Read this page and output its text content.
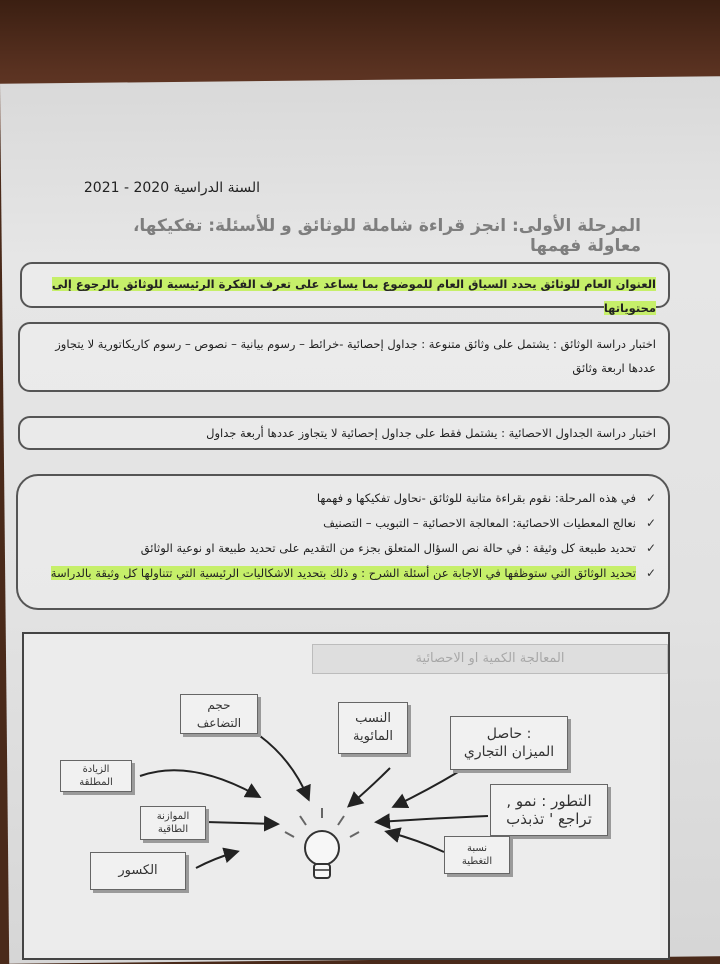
السنة الدراسية 2020 - 2021
المرحلة الأولى: انجز قراءة شاملة للوثائق و للأسئلة: تفكيكها، معاولة فهمها
العنوان العام للوثائق يحدد السياق العام للموضوع بما يساعد على تعرف الفكرة الرئيسية للوثائق بالرجوع إلى محتوياتها
اختبار دراسة الوثائق : يشتمل على وثائق متنوعة : جداول إحصائية -خرائط – رسوم بيانية – نصوص – رسوم كاريكاتورية لا يتجاوز عددها اربعة وثائق
اختبار دراسة الجداول الاحصائية : يشتمل فقط على جداول إحصائية لا يتجاوز عددها أربعة جداول
✓
في هذه المرحلة: نقوم بقراءة متانية للوثائق -نحاول تفكيكها و فهمها
✓
نعالج المعطيات الاحصائية: المعالجة الاحصائية – التبويب – التصنيف
✓
تحديد طبيعة كل وثيقة : في حالة نص السؤال المتعلق بجزء من التقديم على تحديد طبيعة او نوعية الوثائق
✓
تحديد الوثائق التي ستوظفها في الاجابة عن أسئلة الشرح : و ذلك بتحديد الاشكاليات الرئيسية التي تتناولها كل وثيقة بالدراسة
المعالجة الكمية او الاحصائية
حجم
التضاعف	النسب
المائوية	: حاصل
الميزان التجاري
التطور : نمو ,
تراجع ' تذبذب
الزيادة
المطلقة
الموازنة
الطاقية
نسبة
التغطية
الكسور
